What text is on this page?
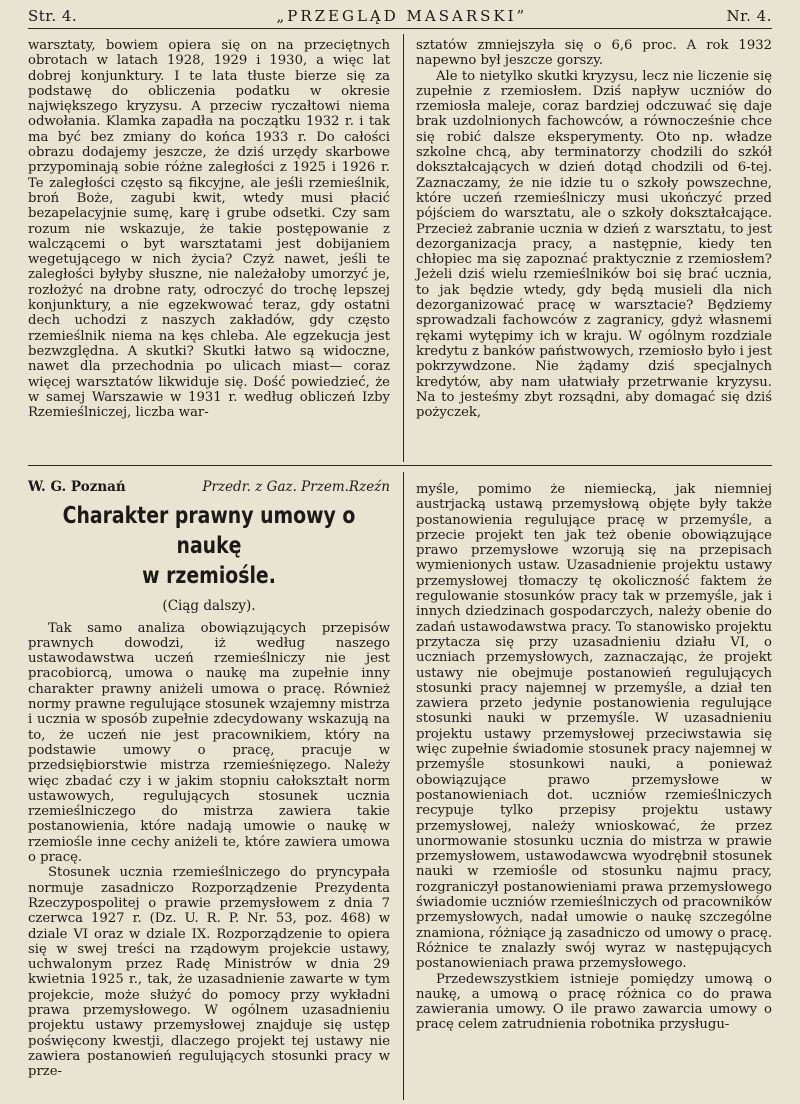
Str. 4.	„PRZEGLĄD MASARSKI”	Nr. 4.

warsztaty, bowiem opiera się on na przeciętnych obrotach w latach 1928, 1929 i 1930, a więc lat dobrej konjunktury. I te lata tłuste bierze się za podstawę do obliczenia podatku w okresie największego kryzysu. A przeciw ryczałtowi niema odwołania. Klamka zapadła na początku 1932 r. i tak ma być bez zmiany do końca 1933 r. Do całości obrazu dodajemy jeszcze, że dziś urzędy skarbowe przypominają sobie różne zaległości z 1925 i 1926 r. Te zaległości często są fikcyjne, ale jeśli rzemieślnik, broń Boże, zagubi kwit, wtedy musi płacić bezapelacyjnie sumę, karę i grube odsetki. Czy sam rozum nie wskazuje, że takie postępowanie z walczącemi o byt warsztatami jest dobijaniem wegetującego w nich życia? Czyż nawet, jeśli te zaległości byłyby słuszne, nie należałoby umorzyć je, rozłożyć na drobne raty, odroczyć do trochę lepszej konjunktury, a nie egzekwować teraz, gdy ostatni dech uchodzi z naszych zakładów, gdy często rzemieślnik niema na kęs chleba. Ale egzekucja jest bezwzględna. A skutki? Skutki łatwo są widoczne, nawet dla przechodnia po ulicach miast— coraz więcej warsztatów likwiduje się. Dość powiedzieć, że w samej Warszawie w 1931 r. według obliczeń Izby Rzemieślniczej, liczba war-

sztatów zmniejszyła się o 6,6 proc. A rok 1932 napewno był jeszcze gorszy.

Ale to nietylko skutki kryzysu, lecz nie liczenie się zupełnie z rzemiosłem. Dziś napływ uczniów do rzemiosła maleje, coraz bardziej odczuwać się daje brak uzdolnionych fachowców, a równocześnie chce się robić dalsze eksperymenty. Oto np. władze szkolne chcą, aby terminatorzy chodzili do szkół dokształcających w dzień dotąd chodzili od 6-tej. Zaznaczamy, że nie idzie tu o szkoły powszechne, które uczeń rzemieślniczy musi ukończyć przed pójściem do warsztatu, ale o szkoły dokształcające. Przecież zabranie ucznia w dzień z warsztatu, to jest dezorganizacja pracy, a następnie, kiedy ten chłopiec ma się zapoznać praktycznie z rzemiosłem? Jeżeli dziś wielu rzemieślników boi się brać ucznia, to jak będzie wtedy, gdy będą musieli dla nich dezorganizować pracę w warsztacie? Będziemy sprowadzali fachowców z zagranicy, gdyż własnemi rękami wytępimy ich w kraju. W ogólnym rozdziale kredytu z banków państwowych, rzemiosło było i jest pokrzywdzone. Nie żądamy dziś specjalnych kredytów, aby nam ułatwiały przetrwanie kryzysu. Na to jesteśmy zbyt rozsądni, aby domagać się dziś pożyczek,

W. G. Poznań	Przedr. z Gaz. Przem.Rzeźn
Charakter prawny umowy o naukę
w rzemiośle.
(Ciąg dalszy).

Tak samo analiza obowiązujących przepisów prawnych dowodzi, iż według naszego ustawodawstwa uczeń rzemieślniczy nie jest pracobiorcą, umowa o naukę ma zupełnie inny charakter prawny aniżeli umowa o pracę. Również normy prawne regulujące stosunek wzajemny mistrza i ucznia w sposób zupełnie zdecydowany wskazują na to, że uczeń nie jest pracownikiem, który na podstawie umowy o pracę, pracuje w przedsiębiorstwie mistrza rzemieśnięzego. Należy więc zbadać czy i w jakim stopniu całokształt norm ustawowych, regulujących stosunek ucznia rzemieślniczego do mistrza zawiera takie postanowienia, które nadają umowie o naukę w rzemiośle inne cechy aniżeli te, które zawiera umowa o pracę.

Stosunek ucznia rzemieślniczego do pryncypała normuje zasadniczo Rozporządzenie Prezydenta Rzeczypospolitej o prawie przemysłowem z dnia 7 czerwca 1927 r. (Dz. U. R. P. Nr. 53, poz. 468) w dziale VI oraz w dziale IX. Rozporządzenie to opiera się w swej treści na rządowym projekcie ustawy, uchwalonym przez Radę Ministrów w dnia 29 kwietnia 1925 r., tak, że uzasadnienie zawarte w tym projekcie, może służyć do pomocy przy wykładni prawa przemysłowego. W ogólnem uzasadnieniu projektu ustawy przemysłowej znajduje się ustęp poświęcony kwestji, dlaczego projekt tej ustawy nie zawiera postanowień regulujących stosunki pracy w prze-

myśle, pomimo że niemiecką, jak niemniej austrjacką ustawą przemysłową objęte były także postanowienia regulujące pracę w przemyśle, a przecie projekt ten jak też obenie obowiązujące prawo przemysłowe wzorują się na przepisach wymienionych ustaw. Uzasadnienie projektu ustawy przemysłowej tłomaczy tę okoliczność faktem że regulowanie stosunków pracy tak w przemyśle, jak i innych dziedzinach gospodarczych, należy obenie do zadań ustawodawstwa pracy. To stanowisko projektu przytacza się przy uzasadnieniu działu VI, o uczniach przemysłowych, zaznaczając, że projekt ustawy nie obejmuje postanowień regulujących stosunki pracy najemnej w przemyśle, a dział ten zawiera przeto jedynie postanowienia regulujące stosunki nauki w przemyśle. W uzasadnieniu projektu ustawy przemysłowej przeciwstawia się więc zupełnie świadomie stosunek pracy najemnej w przemyśle stosunkowi nauki, a ponieważ obowiązujące prawo przemysłowe w postanowieniach dot. uczniów rzemieślniczych recypuje tylko przepisy projektu ustawy przemysłowej, należy wnioskować, że przez unormowanie stosunku ucznia do mistrza w prawie przemysłowem, ustawodawcwa wyodrębnił stosunek nauki w rzemiośle od stosunku najmu pracy, rozgraniczył postanowieniami prawa przemysłowego świadomie uczniów rzemieślniczych od pracowników przemysłowych, nadał umowie o naukę szczególne znamiona, różniące ją zasadniczo od umowy o pracę. Różnice te znalazły swój wyraz w następujących postanowieniach prawa przemysłowego.

Przedewszystkiem istnieje pomiędzy umową o naukę, a umową o pracę różnica co do prawa zawierania umowy. O ile prawo zawarcia umowy o pracę celem zatrudnienia robotnika przysługu-
